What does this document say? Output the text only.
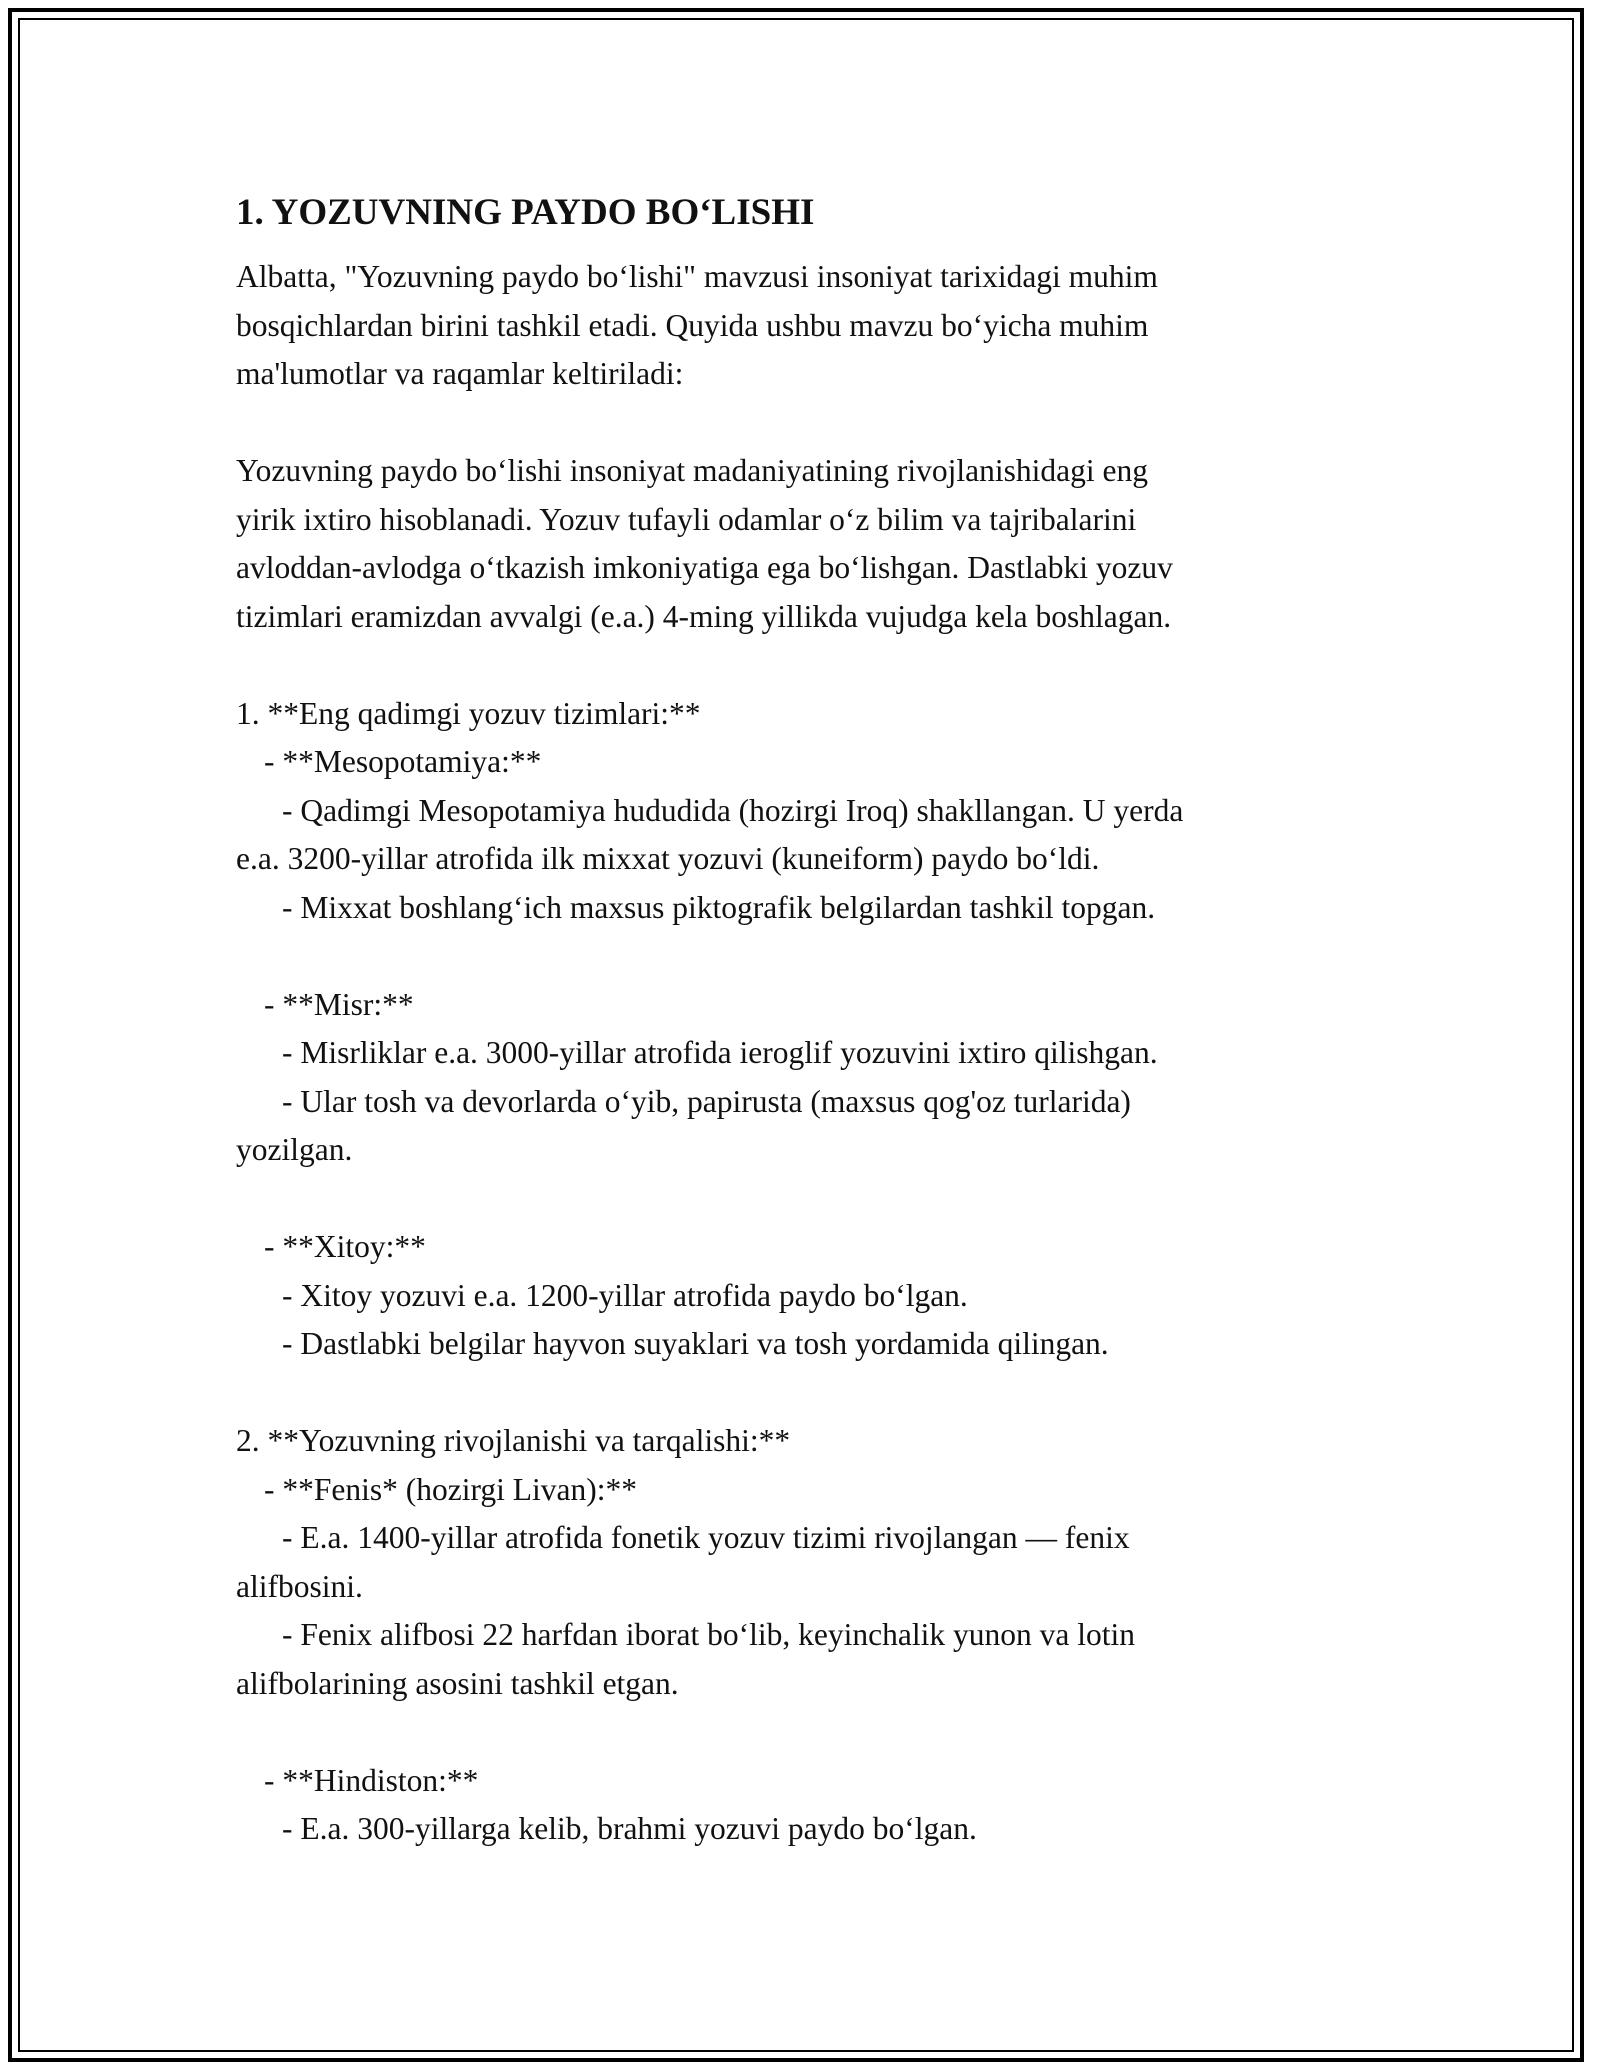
1. YOZUVNING PAYDO BO‘LISHI
Albatta, "Yozuvning paydo bo‘lishi" mavzusi insoniyat tarixidagi muhim
bosqichlardan birini tashkil etadi. Quyida ushbu mavzu bo‘yicha muhim
ma'lumotlar va raqamlar keltiriladi:
Yozuvning paydo bo‘lishi insoniyat madaniyatining rivojlanishidagi eng
yirik ixtiro hisoblanadi. Yozuv tufayli odamlar o‘z bilim va tajribalarini
avloddan-avlodga o‘tkazish imkoniyatiga ega bo‘lishgan. Dastlabki yozuv
tizimlari eramizdan avvalgi (e.a.) 4-ming yillikda vujudga kela boshlagan.
1. **Eng qadimgi yozuv tizimlari:**
- **Mesopotamiya:**
- Qadimgi Mesopotamiya hududida (hozirgi Iroq) shakllangan. U yerda
e.a. 3200-yillar atrofida ilk mixxat yozuvi (kuneiform) paydo bo‘ldi.
- Mixxat boshlang‘ich maxsus piktografik belgilardan tashkil topgan.
- **Misr:**
- Misrliklar e.a. 3000-yillar atrofida ieroglif yozuvini ixtiro qilishgan.
- Ular tosh va devorlarda o‘yib, papirusta (maxsus qog'oz turlarida)
yozilgan.
- **Xitoy:**
- Xitoy yozuvi e.a. 1200-yillar atrofida paydo bo‘lgan.
- Dastlabki belgilar hayvon suyaklari va tosh yordamida qilingan.
2. **Yozuvning rivojlanishi va tarqalishi:**
- **Fenis* (hozirgi Livan):**
- E.a. 1400-yillar atrofida fonetik yozuv tizimi rivojlangan — fenix
alifbosini.
- Fenix alifbosi 22 harfdan iborat bo‘lib, keyinchalik yunon va lotin
alifbolarining asosini tashkil etgan.
- **Hindiston:**
- E.a. 300-yillarga kelib, brahmi yozuvi paydo bo‘lgan.
